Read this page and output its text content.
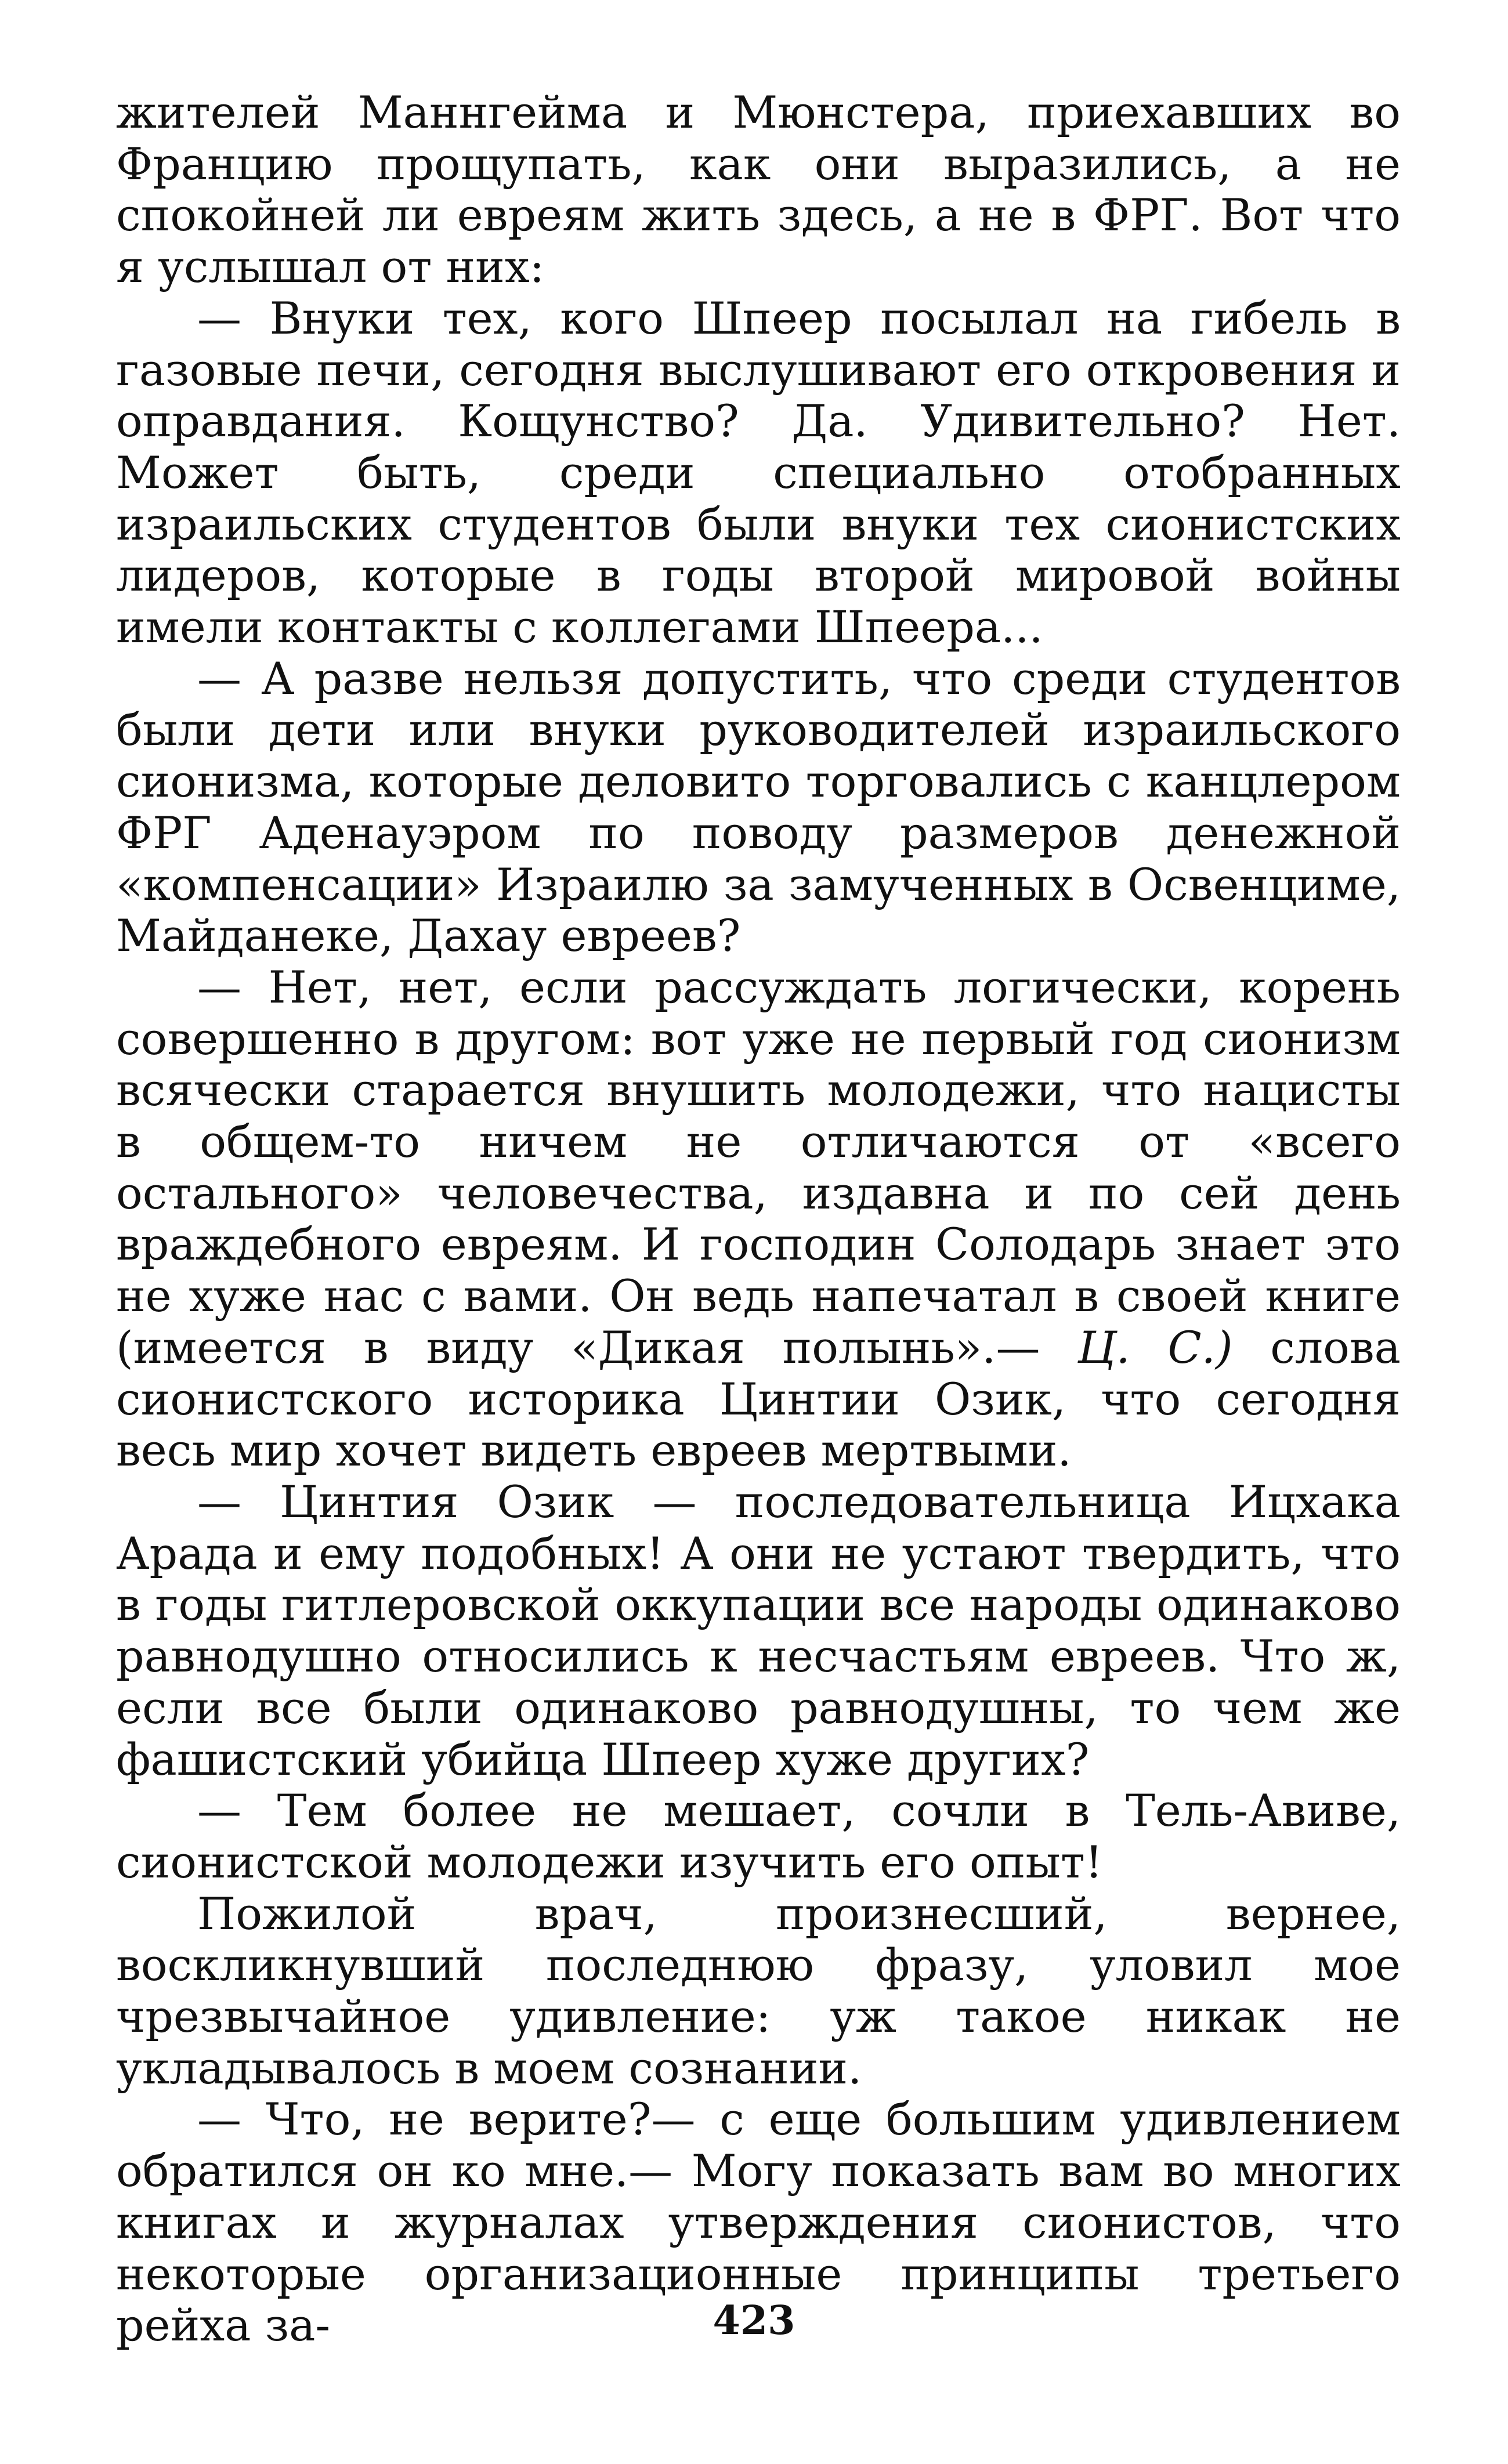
жителей Маннгейма и Мюнстера, приехавших во Францию прощупать, как они выразились, а не спокойней ли евреям жить здесь, а не в ФРГ. Вот что я услышал от них:

— Внуки тех, кого Шпеер посылал на гибель в газовые печи, сегодня выслушивают его откровения и оправдания. Кощунство? Да. Удивительно? Нет. Может быть, среди специально отобранных израильских студентов были внуки тех сионистских лидеров, которые в годы второй мировой войны имели контакты с коллегами Шпеера...

— А разве нельзя допустить, что среди студентов были дети или внуки руководителей израильского сионизма, которые деловито торговались с канцлером ФРГ Аденауэром по поводу размеров денежной «компенсации» Израилю за замученных в Освенциме, Майданеке, Дахау евреев?

— Нет, нет, если рассуждать логически, корень совершенно в другом: вот уже не первый год сионизм всячески старается внушить молодежи, что нацисты в общем-то ничем не отличаются от «всего остального» человечества, издавна и по сей день враждебного евреям. И господин Солодарь знает это не хуже нас с вами. Он ведь напечатал в своей книге (имеется в виду «Дикая полынь».— Ц. С.) слова сионистского историка Цинтии Озик, что сегодня весь мир хочет видеть евреев мертвыми.

— Цинтия Озик — последовательница Ицхака Арада и ему подобных! А они не устают твердить, что в годы гитлеровской оккупации все народы одинаково равнодушно относились к несчастьям евреев. Что ж, если все были одинаково равнодушны, то чем же фашистский убийца Шпеер хуже других?

— Тем более не мешает, сочли в Тель-Авиве, сионистской молодежи изучить его опыт!

Пожилой врач, произнесший, вернее, воскликнувший последнюю фразу, уловил мое чрезвычайное удивление: уж такое никак не укладывалось в моем сознании.

— Что, не верите?— с еще большим удивлением обратился он ко мне.— Могу показать вам во многих книгах и журналах утверждения сионистов, что некоторые организационные принципы третьего рейха за-	423
